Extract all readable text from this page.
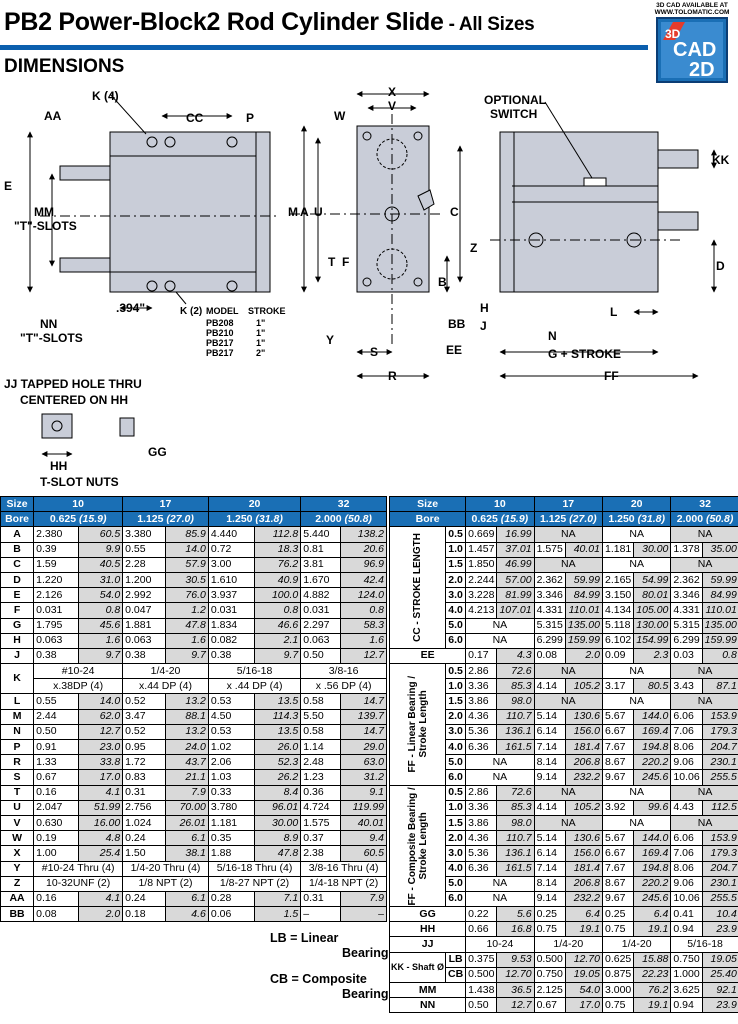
PB2 Power-Block2 Rod Cylinder Slide - All Sizes
DIMENSIONS
3D CAD AVAILABLE AT
WWW.TOLOMATIC.COM
3D
CAD
2D
K (4)
AA	CC	P
E
MM
"T"-SLOTS
NN
"T"-SLOTS
.394"	K (2)
W
X
V
M A U	C
T F
B
BB
Y
S	EE
R
OPTIONAL
SWITCH
KK
Z
D
H
J
L
N
G + STROKE
FF
JJ TAPPED HOLE THRU
CENTERED ON HH
HH
GG
T-SLOT NUTS
MODEL STROKE
PB208 1"
PB210 1"
PB217 1"
PB217 2"
Size	10		17		20		32	
Bore	0.625 (15.9)		1.125 (27.0)		1.250 (31.8)		2.000 (50.8)	
A	2.380	60.5	3.380	85.9	4.440	112.8	5.440	138.2
B	0.39	9.9	0.55	14.0	0.72	18.3	0.81	20.6
C	1.59	40.5	2.28	57.9	3.00	76.2	3.81	96.9
D	1.220	31.0	1.200	30.5	1.610	40.9	1.670	42.4
E	2.126	54.0	2.992	76.0	3.937	100.0	4.882	124.0
F	0.031	0.8	0.047	1.2	0.031	0.8	0.031	0.8
G	1.795	45.6	1.881	47.8	1.834	46.6	2.297	58.3
H	0.063	1.6	0.063	1.6	0.082	2.1	0.063	1.6
J	0.38	9.7	0.38	9.7	0.38	9.7	0.50	12.7
K	#10-24		1/4-20		5/16-18		3/8-16	
	x.38DP (4)		x.44 DP (4)		x .44 DP (4)		x .56 DP (4)	
L	0.55	14.0	0.52	13.2	0.53	13.5	0.58	14.7
M	2.44	62.0	3.47	88.1	4.50	114.3	5.50	139.7
N	0.50	12.7	0.52	13.2	0.53	13.5	0.58	14.7
P	0.91	23.0	0.95	24.0	1.02	26.0	1.14	29.0
R	1.33	33.8	1.72	43.7	2.06	52.3	2.48	63.0
S	0.67	17.0	0.83	21.1	1.03	26.2	1.23	31.2
T	0.16	4.1	0.31	7.9	0.33	8.4	0.36	9.1
U	2.047	51.99	2.756	70.00	3.780	96.01	4.724	119.99
V	0.630	16.00	1.024	26.01	1.181	30.00	1.575	40.01
W	0.19	4.8	0.24	6.1	0.35	8.9	0.37	9.4
X	1.00	25.4	1.50	38.1	1.88	47.8	2.38	60.5
Y	#10-24 Thru (4)		1/4-20 Thru (4)		5/16-18 Thru (4)		3/8-16 Thru (4)	
Z	10-32UNF (2)		1/8 NPT (2)		1/8-27 NPT (2)		1/4-18 NPT (2)	
AA	0.16	4.1	0.24	6.1	0.28	7.1	0.31	7.9
BB	0.08	2.0	0.18	4.6	0.06	1.5	–	–
Size		10		17		20		32	
Bore		0.625 (15.9)		1.125 (27.0)		1.250 (31.8)		2.000 (50.8)	

CC - STROKE LENGTH	0.5	0.669	16.99	NA		NA		NA	
	1.0	1.457	37.01	1.575	40.01	1.181	30.00	1.378	35.00
	1.5	1.850	46.99	NA		NA		NA	
	2.0	2.244	57.00	2.362	59.99	2.165	54.99	2.362	59.99
	3.0	3.228	81.99	3.346	84.99	3.150	80.01	3.346	84.99
	4.0	4.213	107.01	4.331	110.01	4.134	105.00	4.331	110.01
	5.0	NA		5.315	135.00	5.118	130.00	5.315	135.00
	6.0	NA		6.299	159.99	6.102	154.99	6.299	159.99
EE		0.17	4.3	0.08	2.0	0.09	2.3	0.03	0.8

FF - Linear Bearing / Stroke Length	0.5	2.86	72.6	NA		NA		NA	
	1.0	3.36	85.3	4.14	105.2	3.17	80.5	3.43	87.1
	1.5	3.86	98.0	NA		NA		NA	
	2.0	4.36	110.7	5.14	130.6	5.67	144.0	6.06	153.9
	3.0	5.36	136.1	6.14	156.0	6.67	169.4	7.06	179.3
	4.0	6.36	161.5	7.14	181.4	7.67	194.8	8.06	204.7
	5.0	NA		8.14	206.8	8.67	220.2	9.06	230.1
	6.0	NA		9.14	232.2	9.67	245.6	10.06	255.5

FF - Composite Bearing / Stroke Length	0.5	2.86	72.6	NA		NA		NA	
	1.0	3.36	85.3	4.14	105.2	3.92	99.6	4.43	112.5
	1.5	3.86	98.0	NA		NA		NA	
	2.0	4.36	110.7	5.14	130.6	5.67	144.0	6.06	153.9
	3.0	5.36	136.1	6.14	156.0	6.67	169.4	7.06	179.3
	4.0	6.36	161.5	7.14	181.4	7.67	194.8	8.06	204.7
	5.0	NA		8.14	206.8	8.67	220.2	9.06	230.1
	6.0	NA		9.14	232.2	9.67	245.6	10.06	255.5
GG		0.22	5.6	0.25	6.4	0.25	6.4	0.41	10.4
HH		0.66	16.8	0.75	19.1	0.75	19.1	0.94	23.9
JJ		10-24		1/4-20		1/4-20		5/16-18	
KK - Shaft Ø	LB	0.375	9.53	0.500	12.70	0.625	15.88	0.750	19.05
	CB	0.500	12.70	0.750	19.05	0.875	22.23	1.000	25.40
MM		1.438	36.5	2.125	54.0	3.000	76.2	3.625	92.1
NN		0.50	12.7	0.67	17.0	0.75	19.1	0.94	23.9
LB = Linear
Bearing
CB = Composite
Bearing
